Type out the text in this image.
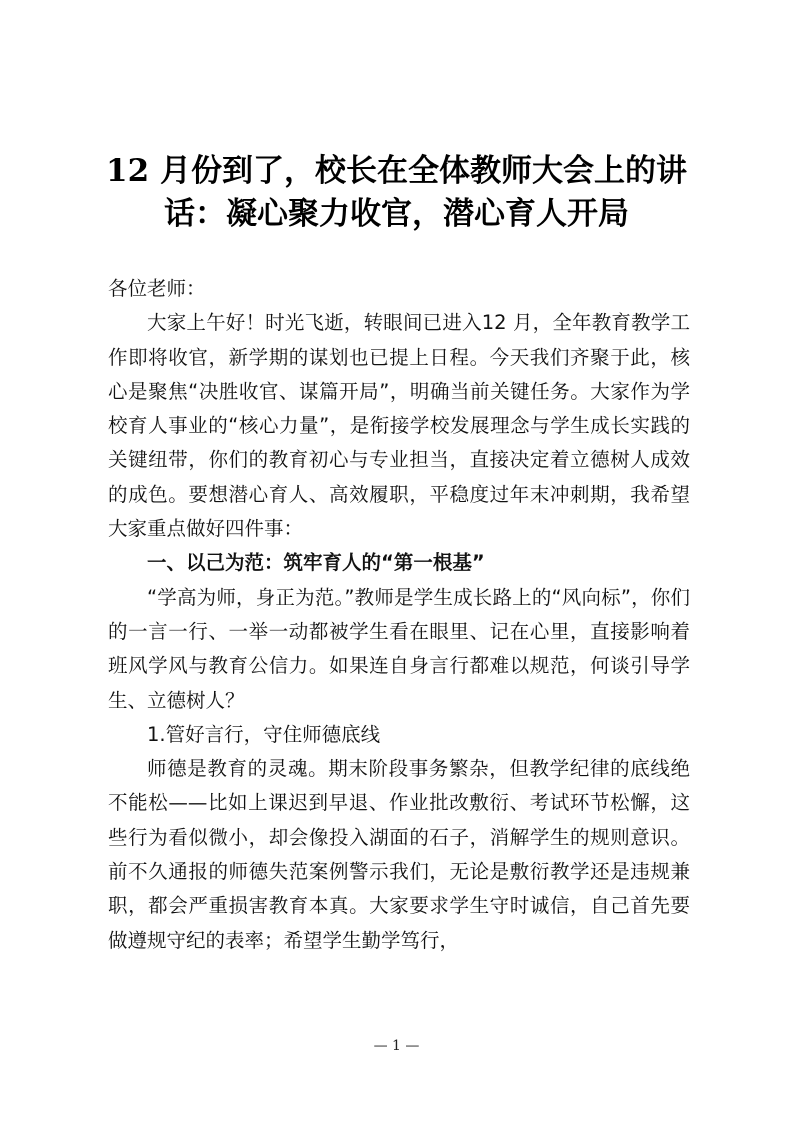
12 月份到了，校长在全体教师大会上的讲
话：凝心聚力收官，潜心育人开局

各位老师：

大家上午好！时光飞逝，转眼间已进入12 月，全年教育教学工作即将收官，新学期的谋划也已提上日程。今天我们齐聚于此，核心是聚焦“决胜收官、谋篇开局”，明确当前关键任务。大家作为学校育人事业的“核心力量”，是衔接学校发展理念与学生成长实践的关键纽带，你们的教育初心与专业担当，直接决定着立德树人成效的成色。要想潜心育人、高效履职，平稳度过年末冲刺期，我希望大家重点做好四件事：

一、以己为范：筑牢育人的“第一根基”

“学高为师，身正为范。”教师是学生成长路上的“风向标”，你们的一言一行、一举一动都被学生看在眼里、记在心里，直接影响着班风学风与教育公信力。如果连自身言行都难以规范，何谈引导学生、立德树人？

1.管好言行，守住师德底线

师德是教育的灵魂。期末阶段事务繁杂，但教学纪律的底线绝不能松——比如上课迟到早退、作业批改敷衍、考试环节松懈，这些行为看似微小，却会像投入湖面的石子，消解学生的规则意识。前不久通报的师德失范案例警示我们，无论是敷衍教学还是违规兼职，都会严重损害教育本真。大家要求学生守时诚信，自己首先要做遵规守纪的表率；希望学生勤学笃行，

— 1 —
